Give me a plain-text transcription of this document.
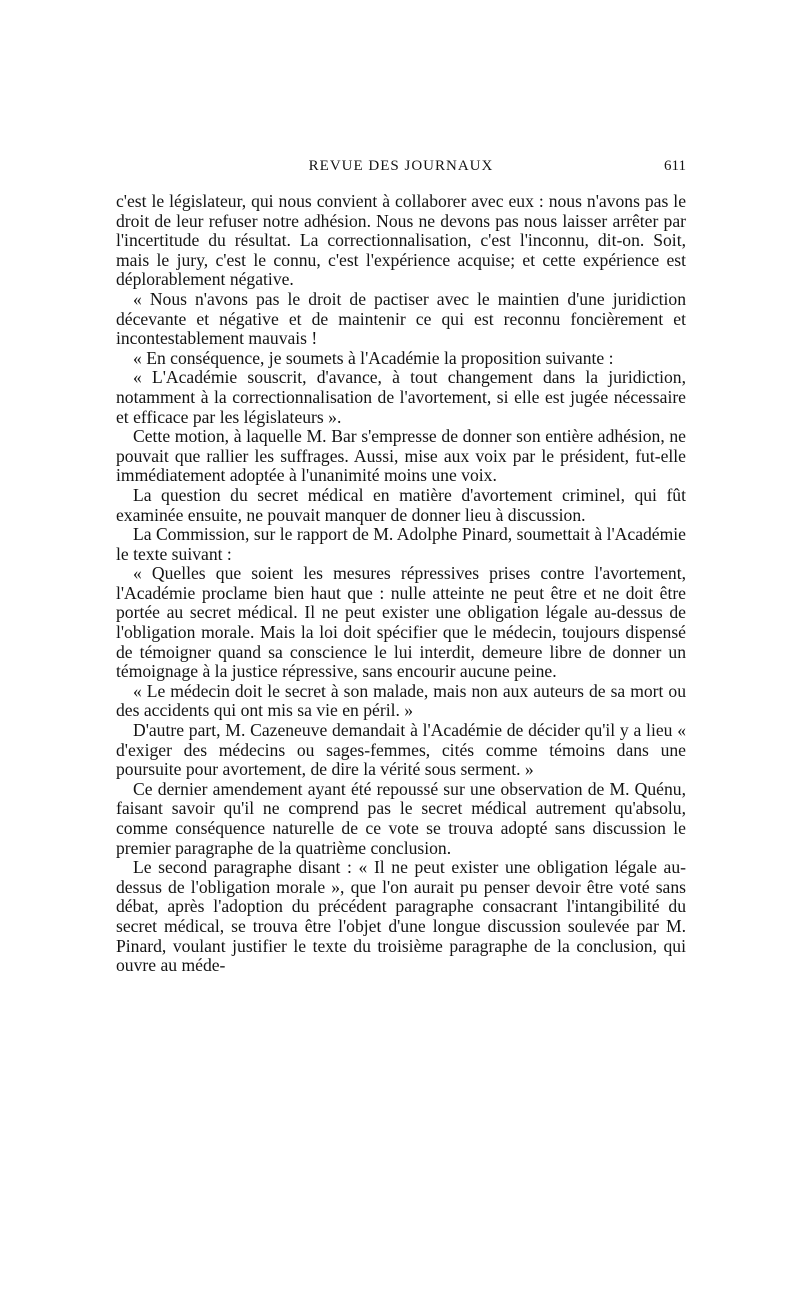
REVUE DES JOURNAUX	611

c'est le législateur, qui nous convient à collaborer avec eux : nous n'avons pas le droit de leur refuser notre adhésion. Nous ne devons pas nous laisser arrêter par l'incertitude du résultat. La correctionnalisation, c'est l'inconnu, dit-on. Soit, mais le jury, c'est le connu, c'est l'expérience acquise; et cette expérience est déplorablement négative.

« Nous n'avons pas le droit de pactiser avec le maintien d'une juridiction décevante et négative et de maintenir ce qui est reconnu foncièrement et incontestablement mauvais !

« En conséquence, je soumets à l'Académie la proposition suivante :

« L'Académie souscrit, d'avance, à tout changement dans la juridiction, notamment à la correctionnalisation de l'avortement, si elle est jugée nécessaire et efficace par les législateurs ».

Cette motion, à laquelle M. Bar s'empresse de donner son entière adhésion, ne pouvait que rallier les suffrages. Aussi, mise aux voix par le président, fut-elle immédiatement adoptée à l'unanimité moins une voix.

La question du secret médical en matière d'avortement criminel, qui fût examinée ensuite, ne pouvait manquer de donner lieu à discussion.

La Commission, sur le rapport de M. Adolphe Pinard, soumettait à l'Académie le texte suivant :

« Quelles que soient les mesures répressives prises contre l'avortement, l'Académie proclame bien haut que : nulle atteinte ne peut être et ne doit être portée au secret médical. Il ne peut exister une obligation légale au-dessus de l'obligation morale. Mais la loi doit spécifier que le médecin, toujours dispensé de témoigner quand sa conscience le lui interdit, demeure libre de donner un témoignage à la justice répressive, sans encourir aucune peine.

« Le médecin doit le secret à son malade, mais non aux auteurs de sa mort ou des accidents qui ont mis sa vie en péril. »

D'autre part, M. Cazeneuve demandait à l'Académie de décider qu'il y a lieu « d'exiger des médecins ou sages-femmes, cités comme témoins dans une poursuite pour avortement, de dire la vérité sous serment. »

Ce dernier amendement ayant été repoussé sur une observation de M. Quénu, faisant savoir qu'il ne comprend pas le secret médical autrement qu'absolu, comme conséquence naturelle de ce vote se trouva adopté sans discussion le premier paragraphe de la quatrième conclusion.

Le second paragraphe disant : « Il ne peut exister une obligation légale au-dessus de l'obligation morale », que l'on aurait pu penser devoir être voté sans débat, après l'adoption du précédent paragraphe consacrant l'intangibilité du secret médical, se trouva être l'objet d'une longue discussion soulevée par M. Pinard, voulant justifier le texte du troisième paragraphe de la conclusion, qui ouvre au méde-
